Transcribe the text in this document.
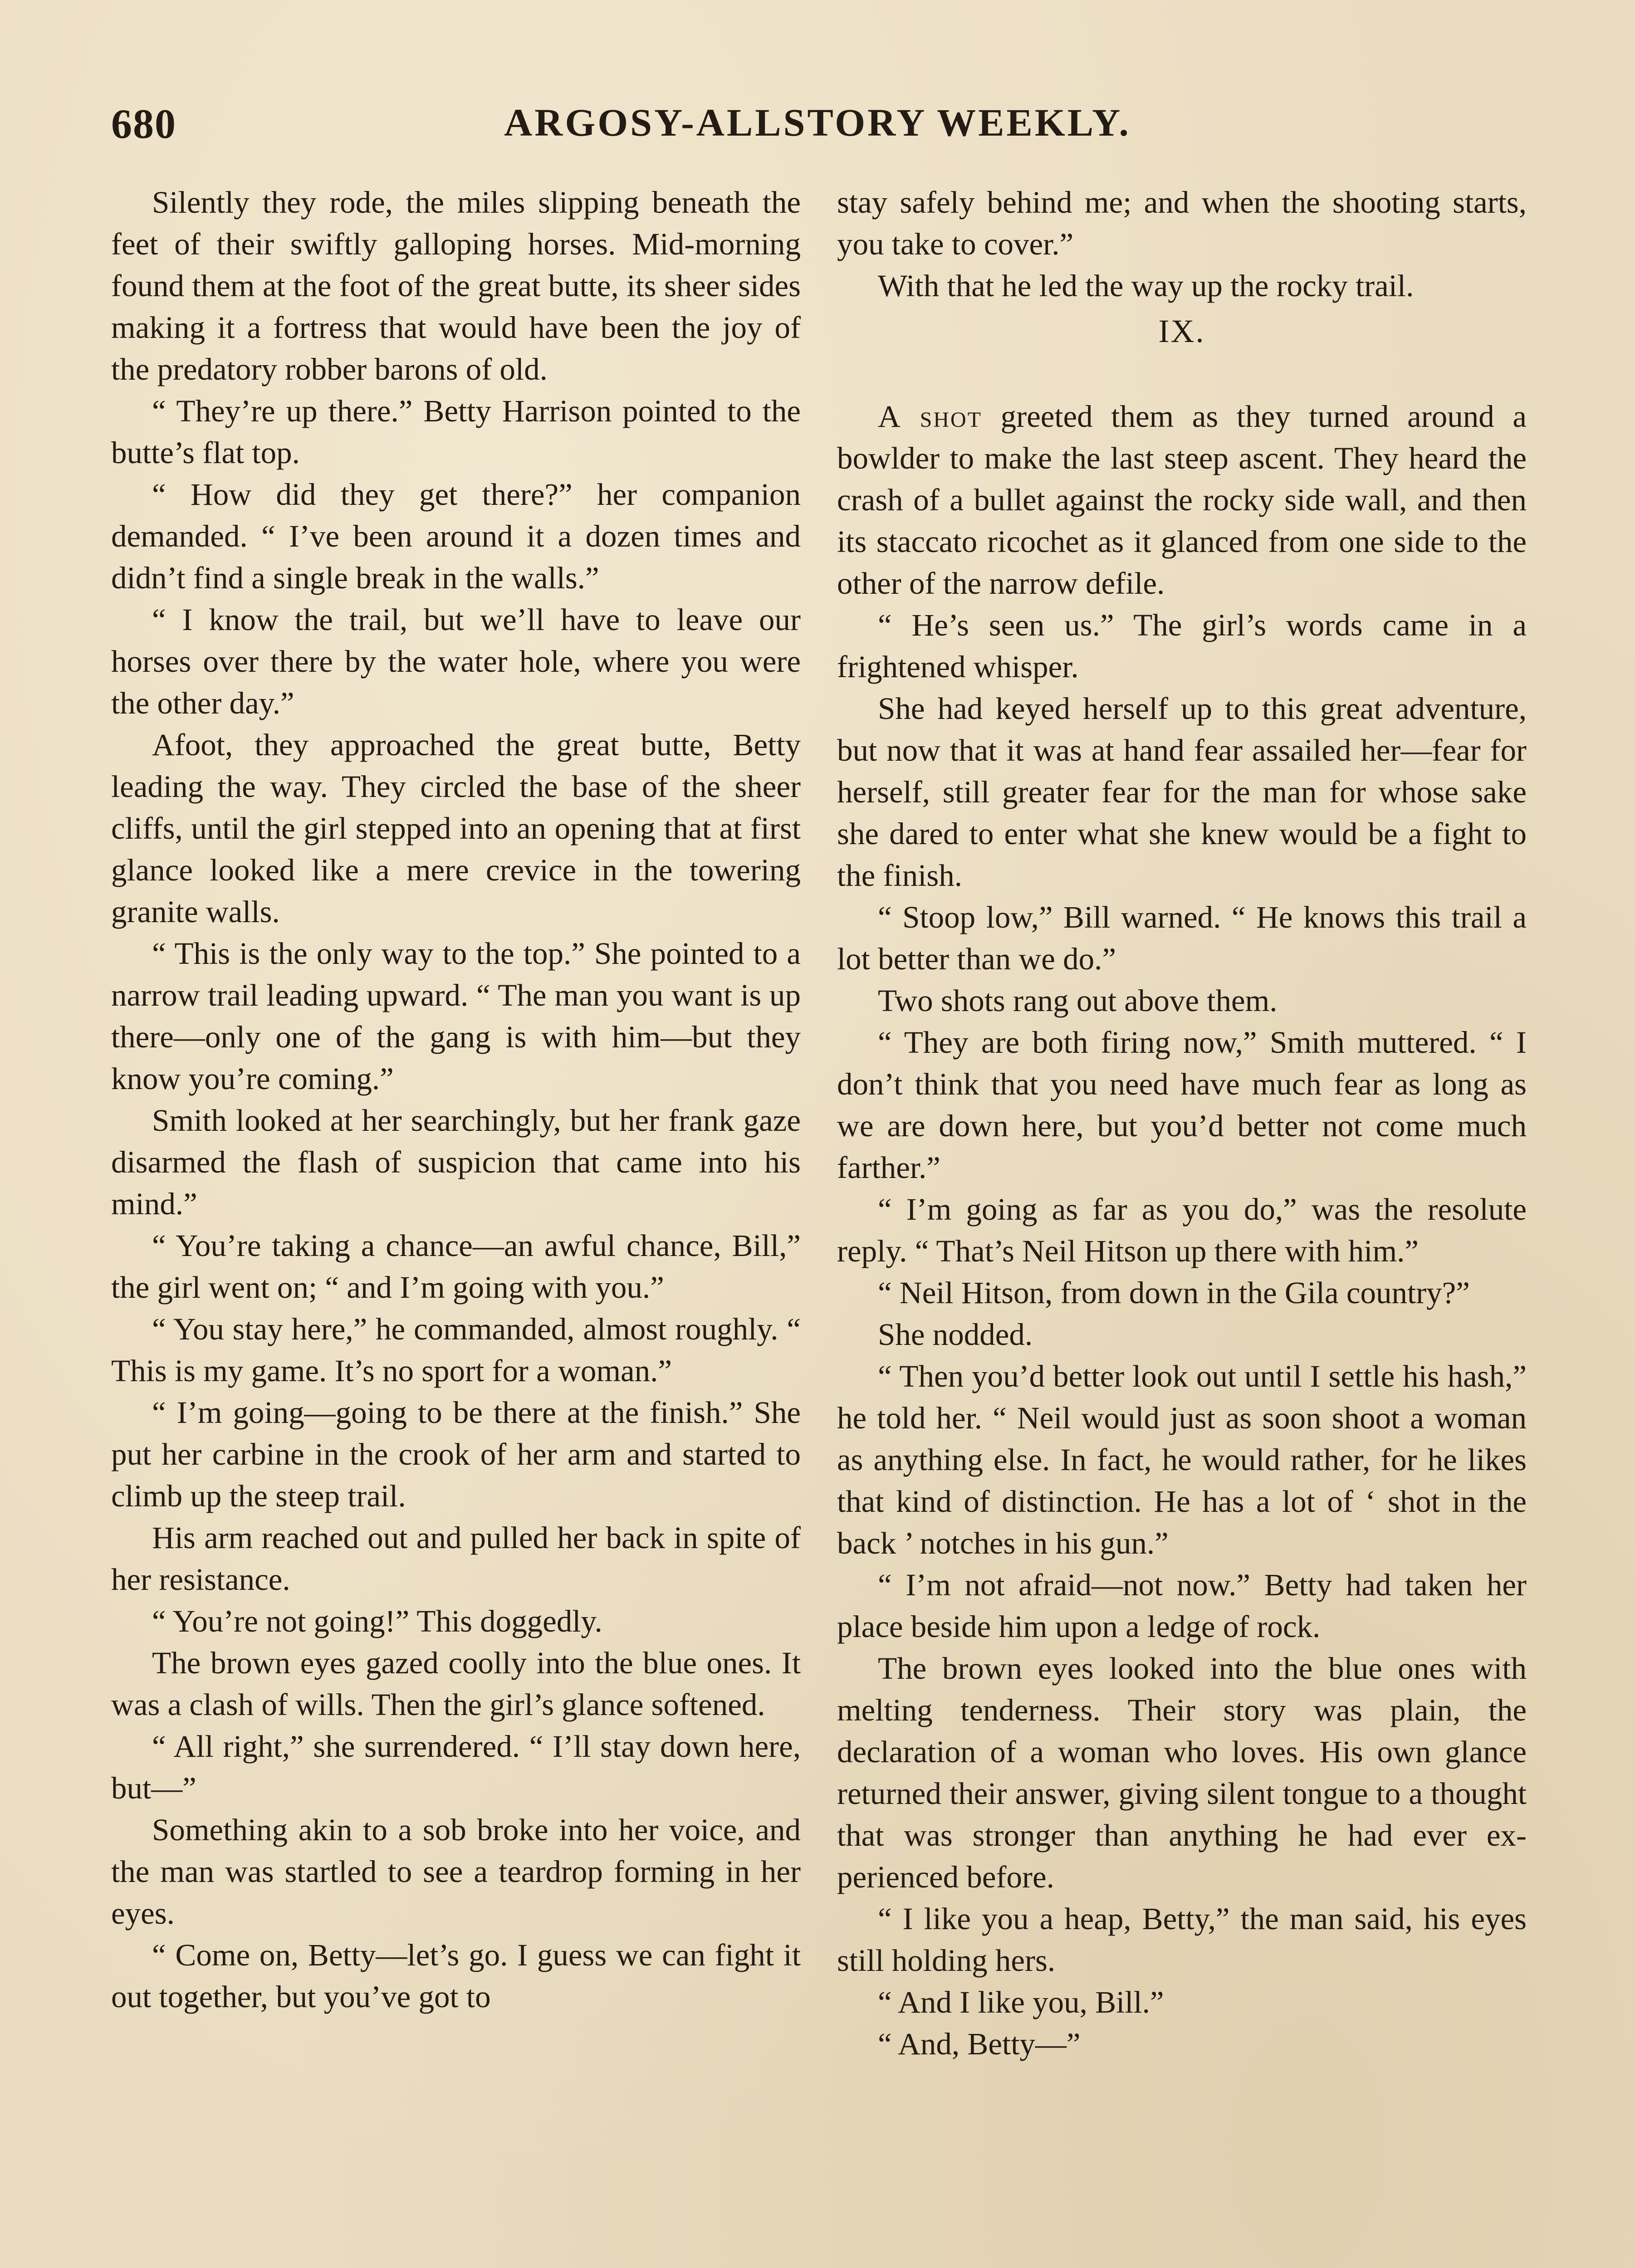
680	ARGOSY-ALLSTORY WEEKLY.

Silently they rode, the miles slipping beneath the feet of their swiftly galloping horses. Mid-morning found them at the foot of the great butte, its sheer sides making it a fortress that would have been the joy of the predatory robber barons of old.

“ They’re up there.” Betty Harrison pointed to the butte’s flat top.

“ How did they get there?” her companion demanded. “ I’ve been around it a dozen times and didn’t find a single break in the walls.”

“ I know the trail, but we’ll have to leave our horses over there by the water hole, where you were the other day.”

Afoot, they approached the great butte, Betty leading the way. They circled the base of the sheer cliffs, until the girl stepped into an opening that at first glance looked like a mere crevice in the towering granite walls.

“ This is the only way to the top.” She pointed to a narrow trail leading upward. “ The man you want is up there—only one of the gang is with him—but they know you’re coming.”

Smith looked at her searchingly, but her frank gaze disarmed the flash of suspicion that came into his mind.”

“ You’re taking a chance—an awful chance, Bill,” the girl went on; “ and I’m going with you.”

“ You stay here,” he commanded, almost roughly. “ This is my game. It’s no sport for a woman.”

“ I’m going—going to be there at the finish.” She put her carbine in the crook of her arm and started to climb up the steep trail.

His arm reached out and pulled her back in spite of her resistance.

“ You’re not going!” This doggedly.

The brown eyes gazed coolly into the blue ones. It was a clash of wills. Then the girl’s glance softened.

“ All right,” she surrendered. “ I’ll stay down here, but—”

Something akin to a sob broke into her voice, and the man was startled to see a teardrop forming in her eyes.

“ Come on, Betty—let’s go. I guess we can fight it out together, but you’ve got to

stay safely behind me; and when the shooting starts, you take to cover.”

With that he led the way up the rocky trail.

IX.

A shot greeted them as they turned around a bowlder to make the last steep ascent. They heard the crash of a bullet against the rocky side wall, and then its staccato ricochet as it glanced from one side to the other of the narrow defile.

“ He’s seen us.” The girl’s words came in a frightened whisper.

She had keyed herself up to this great adventure, but now that it was at hand fear assailed her—fear for herself, still greater fear for the man for whose sake she dared to enter what she knew would be a fight to the finish.

“ Stoop low,” Bill warned. “ He knows this trail a lot better than we do.”

Two shots rang out above them.

“ They are both firing now,” Smith muttered. “ I don’t think that you need have much fear as long as we are down here, but you’d better not come much farther.”

“ I’m going as far as you do,” was the resolute reply. “ That’s Neil Hitson up there with him.”

“ Neil Hitson, from down in the Gila country?”

She nodded.

“ Then you’d better look out until I settle his hash,” he told her. “ Neil would just as soon shoot a woman as anything else. In fact, he would rather, for he likes that kind of distinction. He has a lot of ‘ shot in the back ’ notches in his gun.”

“ I’m not afraid—not now.” Betty had taken her place beside him upon a ledge of rock.

The brown eyes looked into the blue ones with melting tenderness. Their story was plain, the declaration of a woman who loves. His own glance returned their answer, giving silent tongue to a thought that was stronger than anything he had ever experienced before.

“ I like you a heap, Betty,” the man said, his eyes still holding hers.

“ And I like you, Bill.”

“ And, Betty—”
